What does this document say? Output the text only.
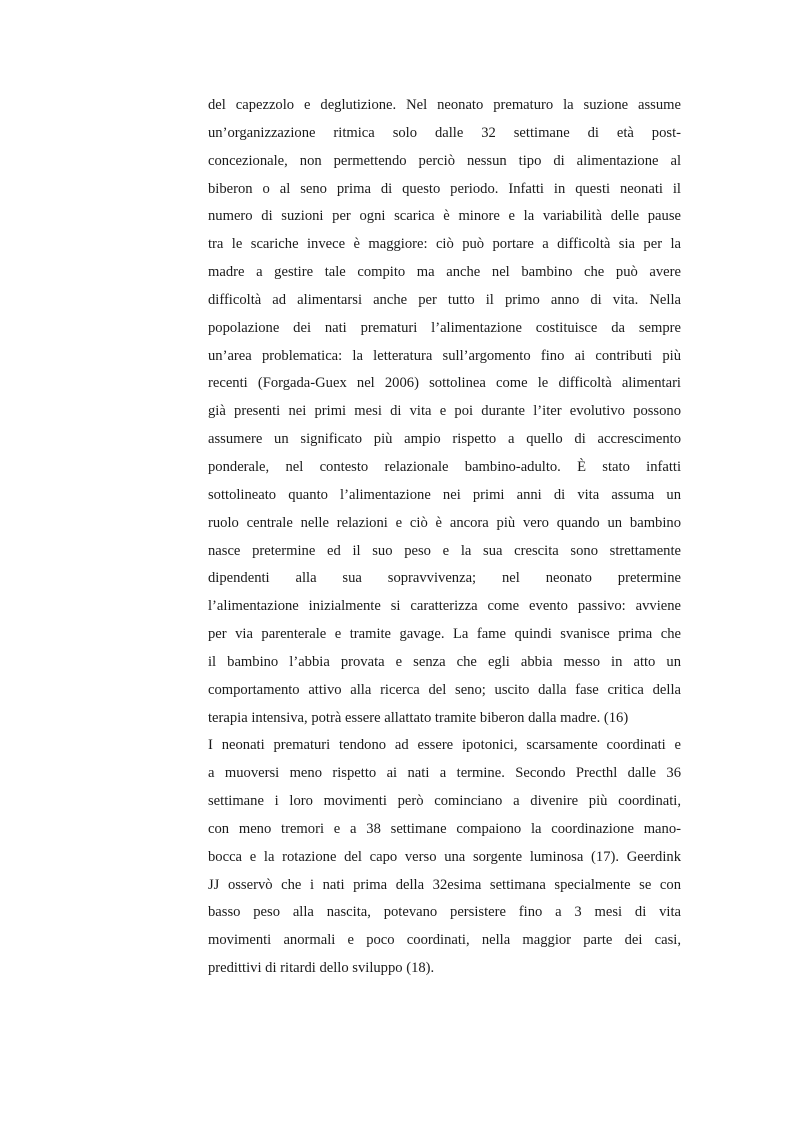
del capezzolo e deglutizione. Nel neonato prematuro la suzione assume
un’organizzazione ritmica solo dalle 32 settimane di età post-
concezionale, non permettendo perciò nessun tipo di alimentazione al
biberon o al seno prima di questo periodo. Infatti in questi neonati il
numero di suzioni per ogni scarica è minore e la variabilità delle pause
tra le scariche invece è maggiore: ciò può portare a difficoltà sia per la
madre a gestire tale compito ma anche nel bambino che può avere
difficoltà ad alimentarsi anche per tutto il primo anno di vita. Nella
popolazione dei nati prematuri l’alimentazione costituisce da sempre
un’area problematica: la letteratura sull’argomento fino ai contributi più
recenti (Forgada-Guex nel 2006) sottolinea come le difficoltà alimentari
già presenti nei primi mesi di vita e poi durante l’iter evolutivo possono
assumere un significato più ampio rispetto a quello di accrescimento
ponderale, nel contesto relazionale bambino-adulto. È stato infatti
sottolineato quanto l’alimentazione nei primi anni di vita assuma un
ruolo centrale nelle relazioni e ciò è ancora più vero quando un bambino
nasce pretermine ed il suo peso e la sua crescita sono strettamente
dipendenti alla sua sopravvivenza; nel neonato pretermine
l’alimentazione inizialmente si caratterizza come evento passivo: avviene
per via parenterale e tramite gavage. La fame quindi svanisce prima che
il bambino l’abbia provata e senza che egli abbia messo in atto un
comportamento attivo alla ricerca del seno; uscito dalla fase critica della
terapia intensiva, potrà essere allattato tramite biberon dalla madre. (16)
I neonati prematuri tendono ad essere ipotonici, scarsamente coordinati e
a muoversi meno rispetto ai nati a termine. Secondo Precthl dalle 36
settimane i loro movimenti però cominciano a divenire più coordinati,
con meno tremori e a 38 settimane compaiono la coordinazione mano-
bocca e la rotazione del capo verso una sorgente luminosa (17). Geerdink
JJ osservò che i nati prima della 32esima settimana specialmente se con
basso peso alla nascita, potevano persistere fino a 3 mesi di vita
movimenti anormali e poco coordinati, nella maggior parte dei casi,
predittivi di ritardi dello sviluppo (18).
